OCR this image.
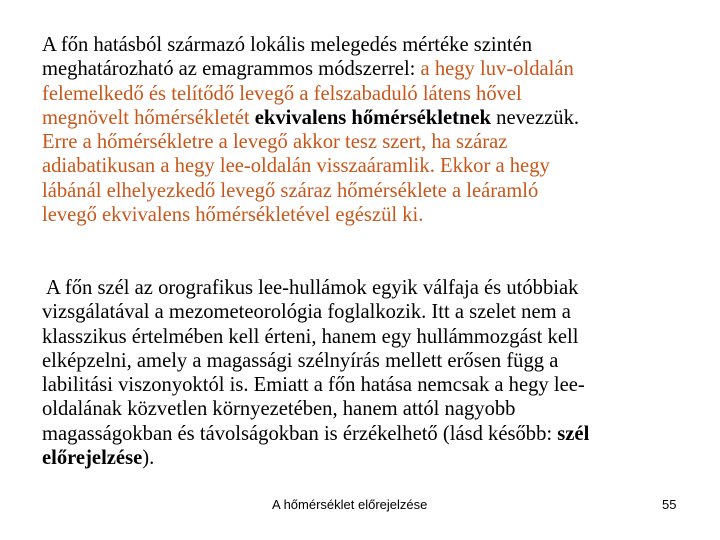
A főn hatásból származó lokális melegedés mértéke szintén
meghatározható az emagrammos módszerrel: a hegy luv-oldalán
felemelkedő és telítődő levegő a felszabaduló látens hővel
megnövelt hőmérsékletét ekvivalens hőmérsékletnek nevezzük.
Erre a hőmérsékletre a levegő akkor tesz szert, ha száraz
adiabatikusan a hegy lee-oldalán visszaáramlik. Ekkor a hegy
lábánál elhelyezkedő levegő száraz hőmérséklete a leáramló
levegő ekvivalens hőmérsékletével egészül ki.

A főn szél az orografikus lee-hullámok egyik válfaja és utóbbiak
vizsgálatával a mezometeorológia foglalkozik. Itt a szelet nem a
klasszikus értelmében kell érteni, hanem egy hullámmozgást kell
elképzelni, amely a magassági szélnyírás mellett erősen függ a
labilitási viszonyoktól is. Emiatt a főn hatása nemcsak a hegy lee-
oldalának közvetlen környezetében, hanem attól nagyobb
magasságokban és távolságokban is érzékelhető (lásd később: szél
előrejelzése).

A hőmérséklet előrejelzése	55
